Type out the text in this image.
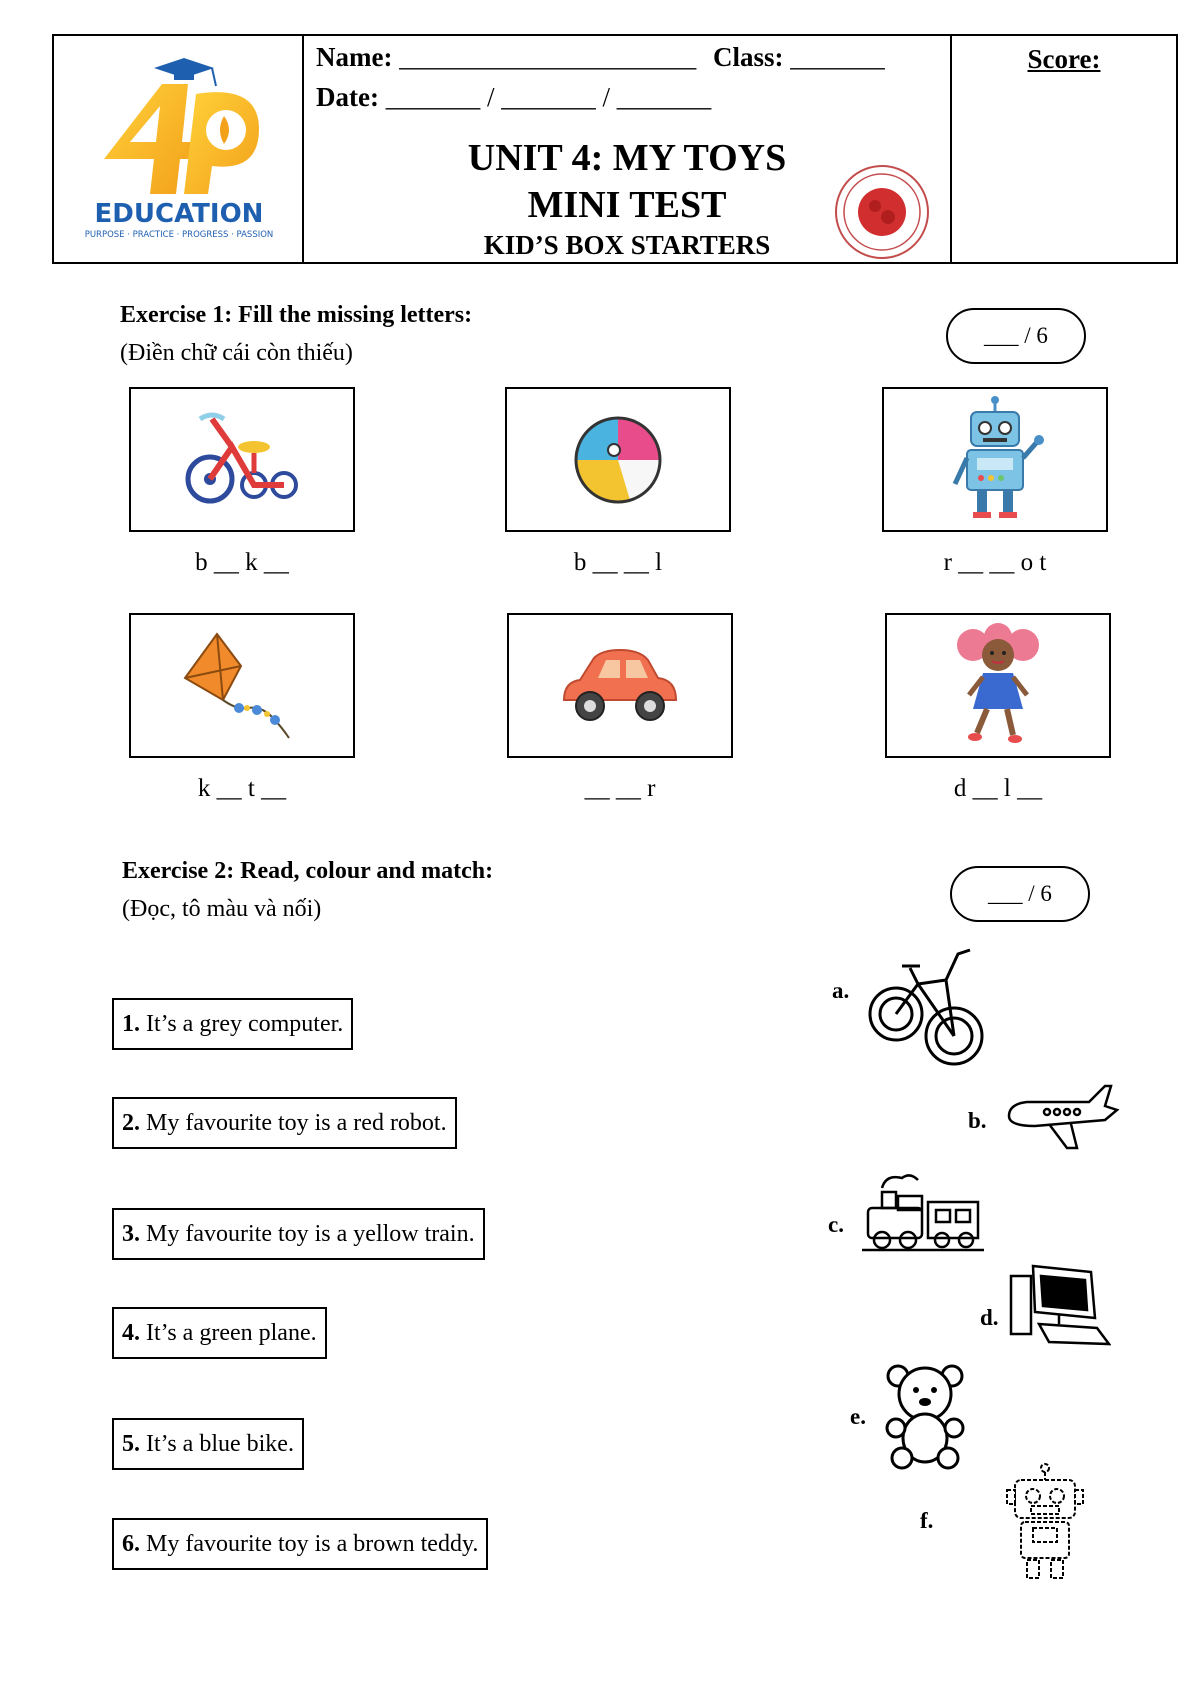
EDUCATION
PURPOSE · PRACTICE · PROGRESS · PASSION
Name: ______________________ Class: _______
Date: _______ / _______ / _______
UNIT 4: MY TOYS
MINI TEST
KID’S BOX STARTERS
Score:
Exercise 1: Fill the missing letters:
(Điền chữ cái còn thiếu)
___ / 6
b __ k __	b __ __ l	r __ __ o t
k __ t __	__ __ r	d __ l __
Exercise 2: Read, colour and match:
(Đọc, tô màu và nối)
___ / 6
1. It’s a grey computer.
2. My favourite toy is a red robot.
3. My favourite toy is a yellow train.
4. It’s a green plane.
5. It’s a blue bike.
6. My favourite toy is a brown teddy.
a.
b.
c.
d.
e.
f.
